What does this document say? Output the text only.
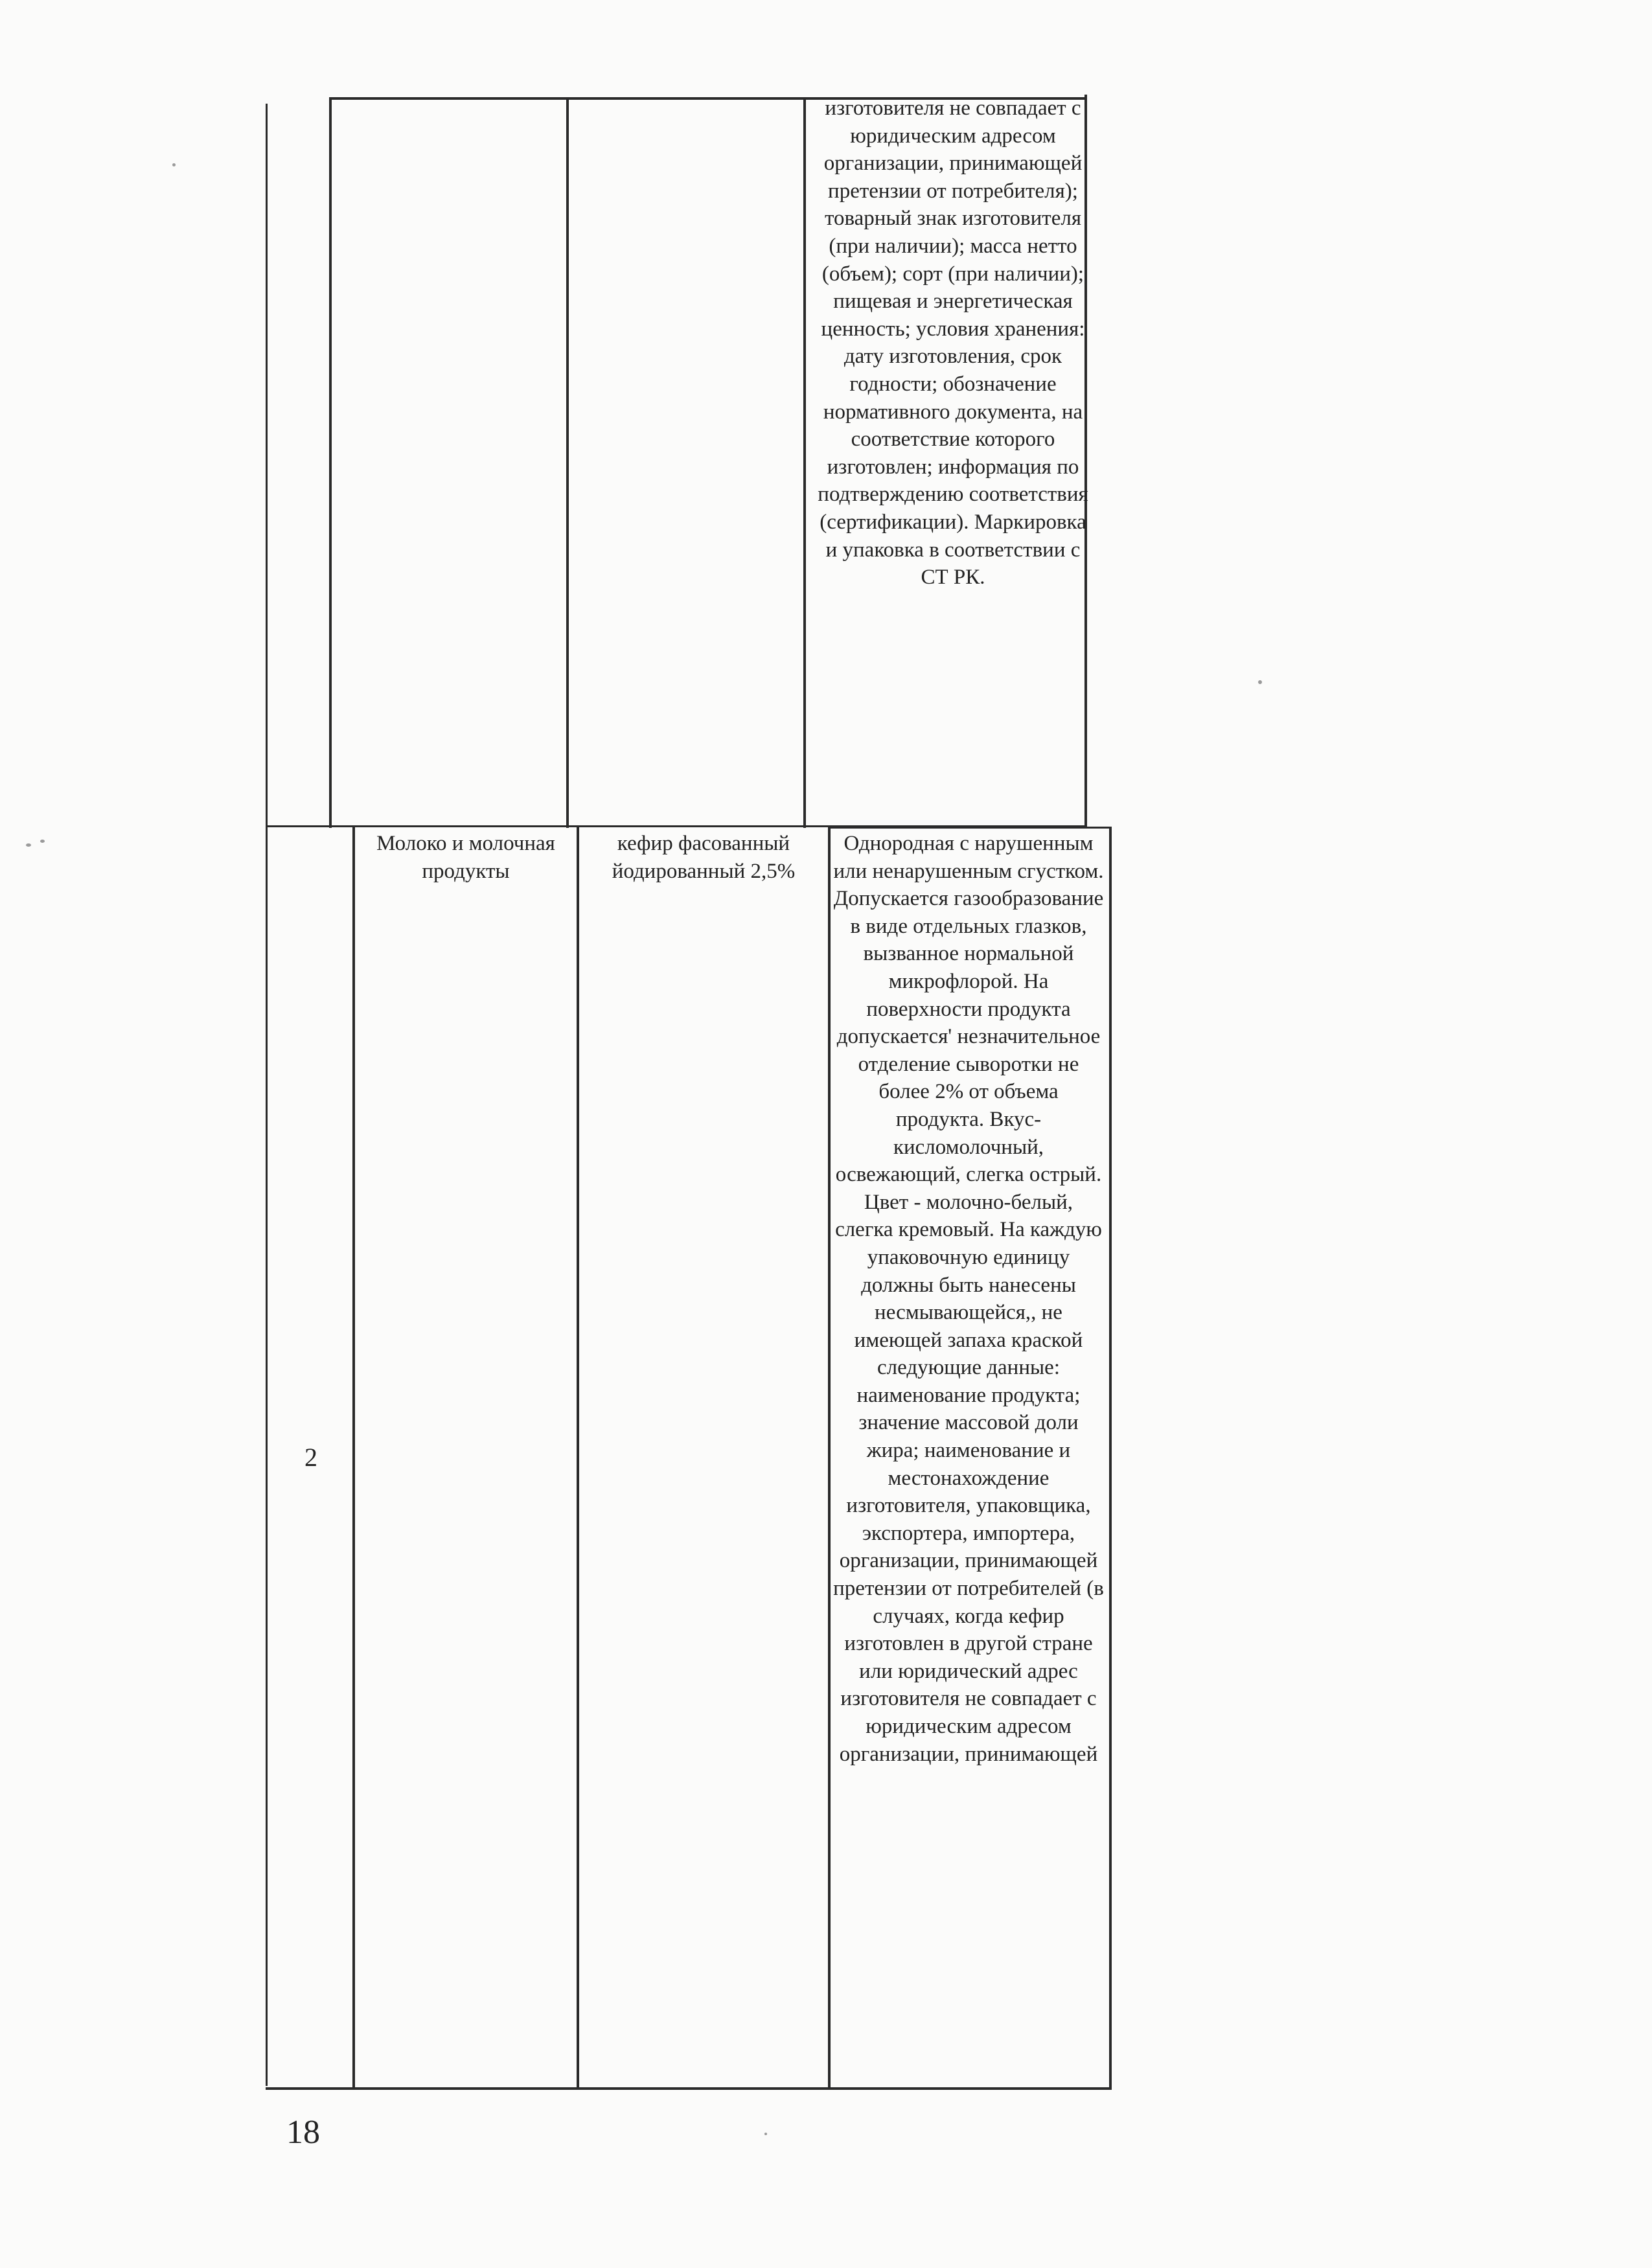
изготовителя не совпадает с юридическим адресом организации, принимающей претензии от потребителя); товарный знак изготовителя (при наличии); масса нетто (объем); сорт (при наличии); пищевая и энергетическая ценность; условия хранения: дату изготовления, срок годности; обозначение нормативного документа, на соответствие которого изготовлен; информация по подтверждению соответствия (сертификации). Маркировка и упаковка в соответствии с СТ РК.
2
Молоко и молочная продукты
кефир фасованный йодированный 2,5%
Однородная с нарушенным или ненарушенным сгустком. Допускается газообразование в виде отдельных глазков, вызванное нормальной микрофлорой. На поверхности продукта допускается' незначительное отделение сыворотки не более 2% от объема продукта. Вкус-кисломолочный, освежающий, слегка острый. Цвет - молочно-белый, слегка кремовый. На каждую упаковочную единицу должны быть нанесены несмывающейся,, не имеющей запаха краской следующие данные: наименование продукта; значение массовой доли жира; наименование и местонахождение изготовителя, упаковщика, экспортера, импортера, организации, принимающей претензии от потребителей (в случаях, когда кефир изготовлен в другой стране или юридический адрес изготовителя не совпадает с юридическим адресом организации, принимающей
18
